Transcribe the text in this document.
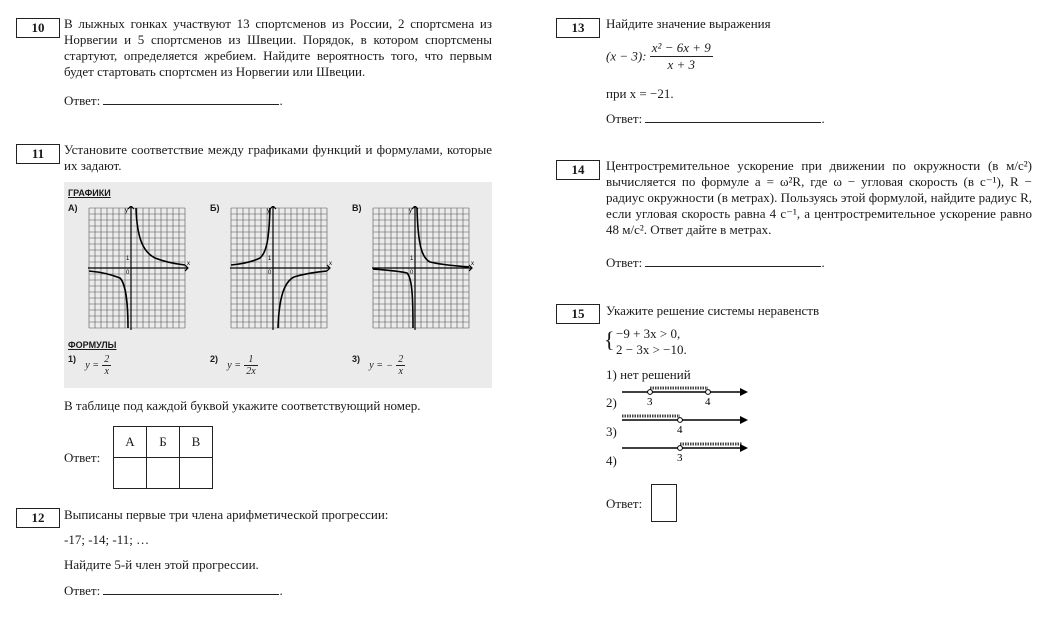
10	В лыжных гонках участвуют 13 спортсменов из России, 2 спортсмена из Норвегии и 5 спортсменов из Швеции. Порядок, в котором спортсмены стартуют, определяется жребием. Найдите вероятность того, что первым будет стартовать спортсмен из Норвегии или Швеции.
Ответ:	.
11	Установите соответствие между графиками функций и формулами, которые их задают.
ГРАФИКИ
А)	Б)	В)
y
x
1
0
y
x
1
0
y
x
1
0
ФОРМУЛЫ
$^{1)}$ $y = \frac{2}{x}$	$^{2)}$ $y = \frac{1}{2x}$	$^{3)}$ y = − $\frac{2}{x}$
В таблице под каждой буквой укажите соответствующий номер.
Ответ:
А	Б	В

12	Выписаны первые три члена арифметической прогрессии:
-17; -14; -11; …
Найдите 5-й член этой прогрессии.
Ответ:	.
13	Найдите значение выражения
(x − 3): $\frac{\text{x² − 6x + 9}}{x + 3}$
при x = −21.
Ответ:	.
14	Центростремительное ускорение при движении по окружности (в м/с²) вычисляется по формуле a = ω²R, где ω − угловая скорость (в с⁻¹), R − радиус окружности (в метрах). Пользуясь этой формулой, найдите радиус R, если угловая скорость равна 4 с⁻¹, а центростремительное ускорение равно 48 м/с². Ответ дайте в метрах.
Ответ:	.
15	Укажите решение системы неравенств
{ −9 + 3x > 0,
2 − 3x > −10.
1) нет решений
2)	3	4
3)	4
4)	3
Ответ:
